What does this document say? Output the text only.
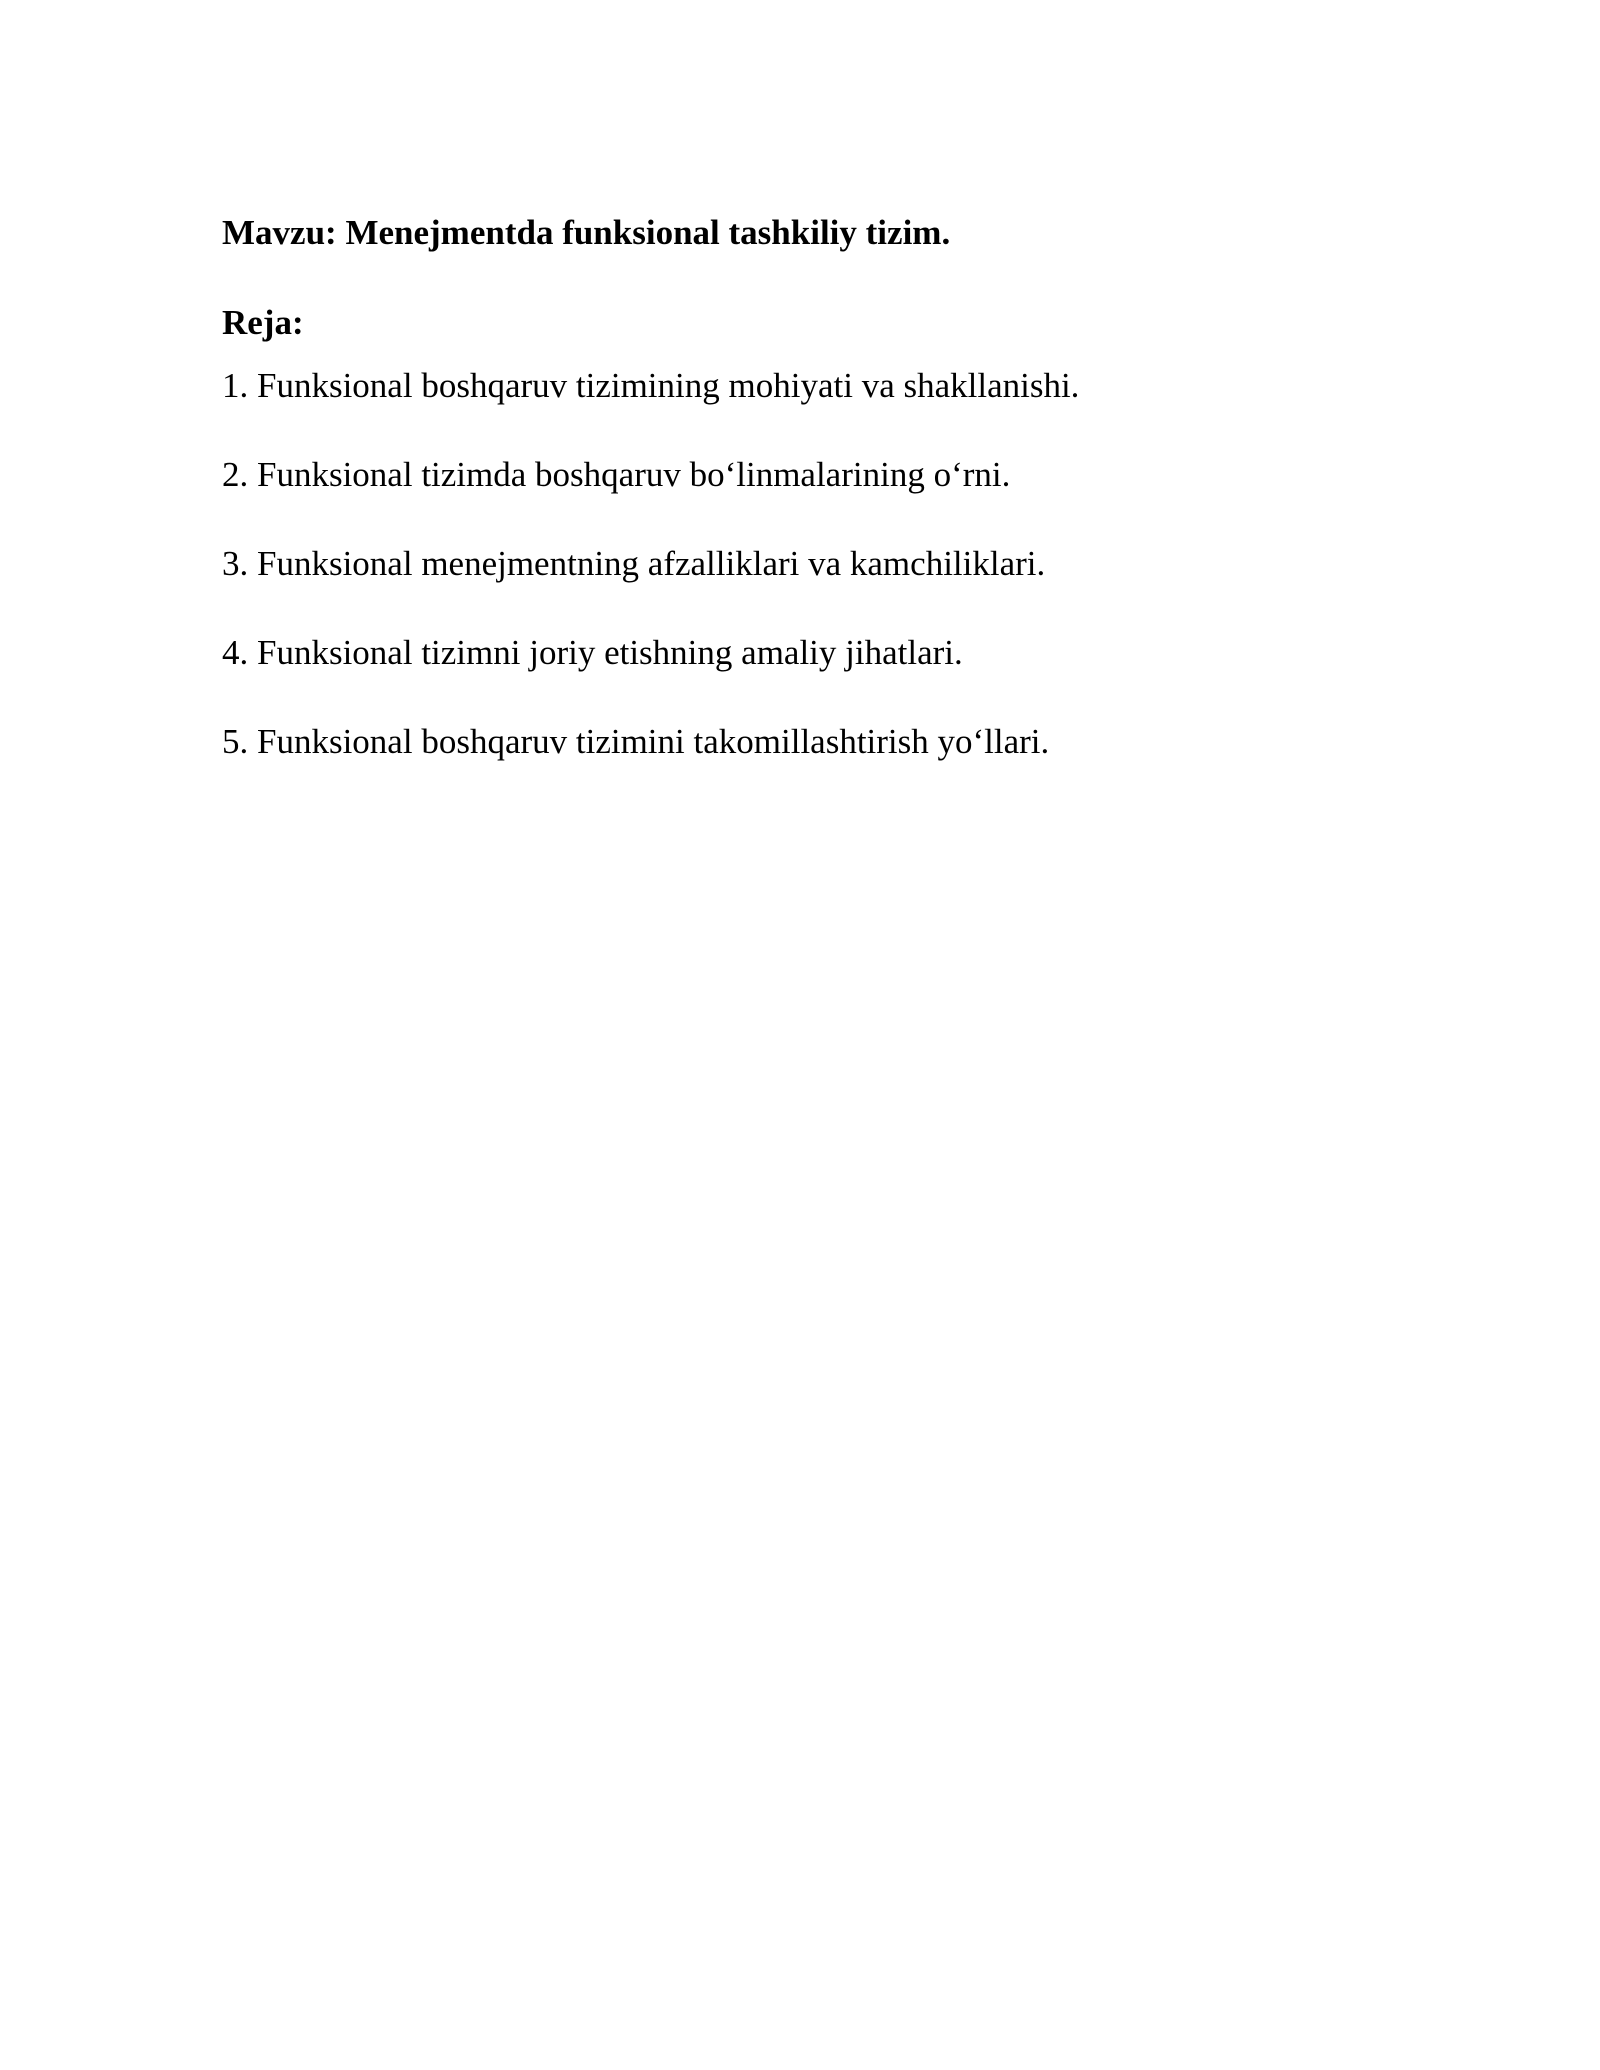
Mavzu: Menejmentda funksional tashkiliy tizim.

Reja:

1. Funksional boshqaruv tizimining mohiyati va shakllanishi.
2. Funksional tizimda boshqaruv bo‘linmalarining o‘rni.
3. Funksional menejmentning afzalliklari va kamchiliklari.
4. Funksional tizimni joriy etishning amaliy jihatlari.
5. Funksional boshqaruv tizimini takomillashtirish yo‘llari.
